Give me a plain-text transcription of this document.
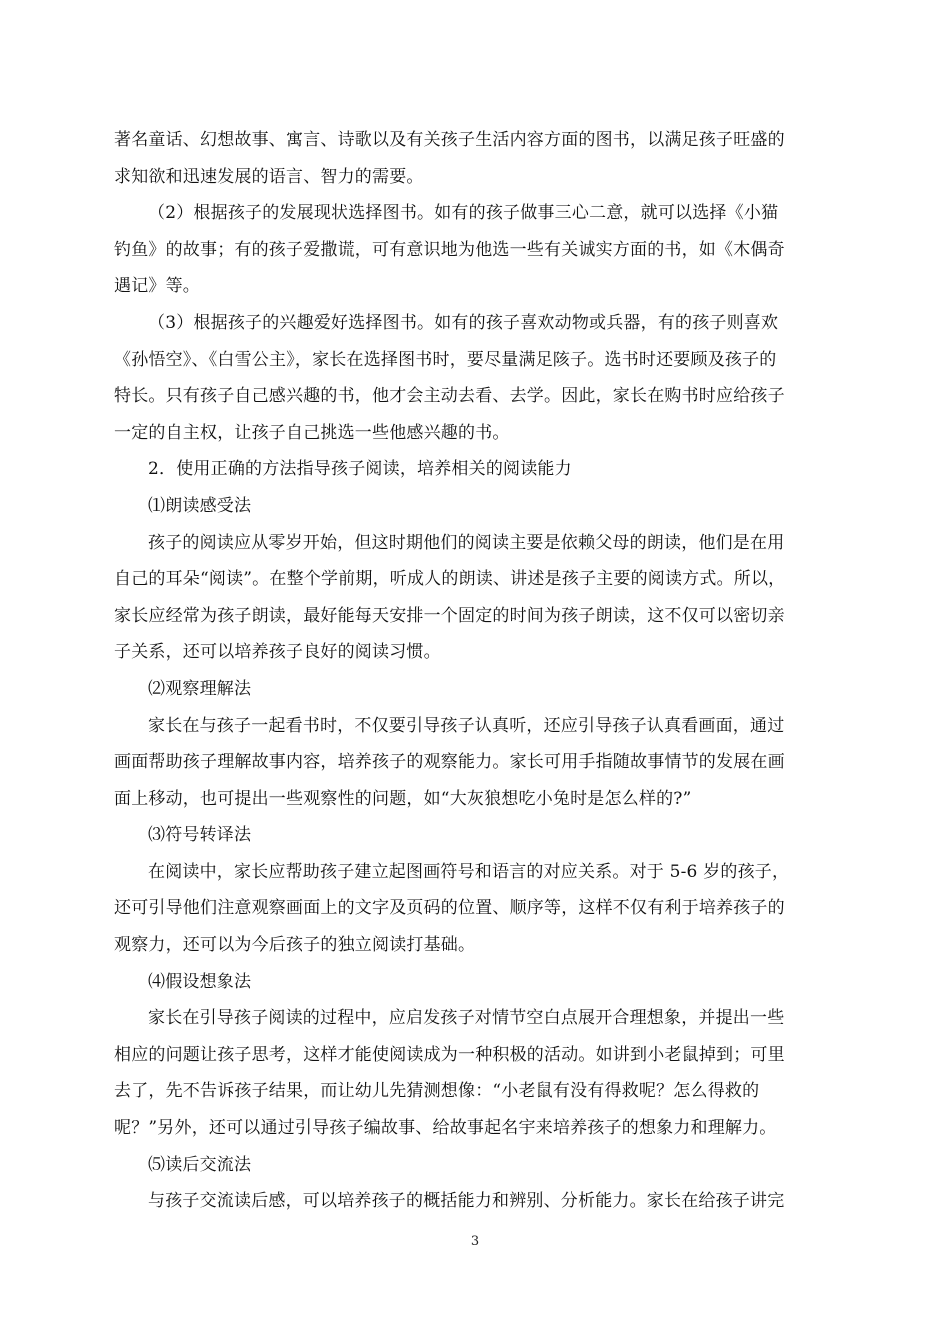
著名童话、幻想故事、寓言、诗歌以及有关孩子生活内容方面的图书，以满足孩子旺盛的
求知欲和迅速发展的语言、智力的需要。
（2）根据孩子的发展现状选择图书。如有的孩子做事三心二意，就可以选择《小猫
钓鱼》的故事；有的孩子爱撒谎，可有意识地为他选一些有关诚实方面的书，如《木偶奇
遇记》等。
（3）根据孩子的兴趣爱好选择图书。如有的孩子喜欢动物或兵器，有的孩子则喜欢
《孙悟空》、《白雪公主》，家长在选择图书时，要尽量满足陔子。选书时还要顾及孩子的
特长。只有孩子自己感兴趣的书，他才会主动去看、去学。因此，家长在购书时应给孩子
一定的自主权，让孩子自己挑选一些他感兴趣的书。
2．使用正确的方法指导孩子阅读，培养相关的阅读能力
⑴朗读感受法
孩子的阅读应从零岁开始，但这时期他们的阅读主要是依赖父母的朗读，他们是在用
自己的耳朵“阅读”。在整个学前期，听成人的朗读、讲述是孩子主要的阅读方式。所以，
家长应经常为孩子朗读，最好能每天安排一个固定的时间为孩子朗读，这不仅可以密切亲
子关系，还可以培养孩子良好的阅读习惯。
⑵观察理解法
家长在与孩子一起看书时，不仅要引导孩子认真听，还应引导孩子认真看画面，通过
画面帮助孩子理解故事内容，培养孩子的观察能力。家长可用手指随故事情节的发展在画
面上移动，也可提出一些观察性的问题，如“大灰狼想吃小兔时是怎么样的?”
⑶符号转译法
在阅读中，家长应帮助孩子建立起图画符号和语言的对应关系。对于 5-6 岁的孩子，
还可引导他们注意观察画面上的文字及页码的位置、顺序等，这样不仅有利于培养孩子的
观察力，还可以为今后孩子的独立阅读打基础。
⑷假设想象法
家长在引导孩子阅读的过程中，应启发孩子对情节空白点展开合理想象，并提出一些
相应的问题让孩子思考，这样才能使阅读成为一种积极的活动。如讲到小老鼠掉到；可里
去了，先不告诉孩子结果，而让幼儿先猜测想像：“小老鼠有没有得救呢？怎么得救的
呢？”另外，还可以通过引导孩子编故事、给故事起名宇来培养孩子的想象力和理解力。
⑸读后交流法
与孩子交流读后感，可以培养孩子的概括能力和辨别、分析能力。家长在给孩子讲完
3
